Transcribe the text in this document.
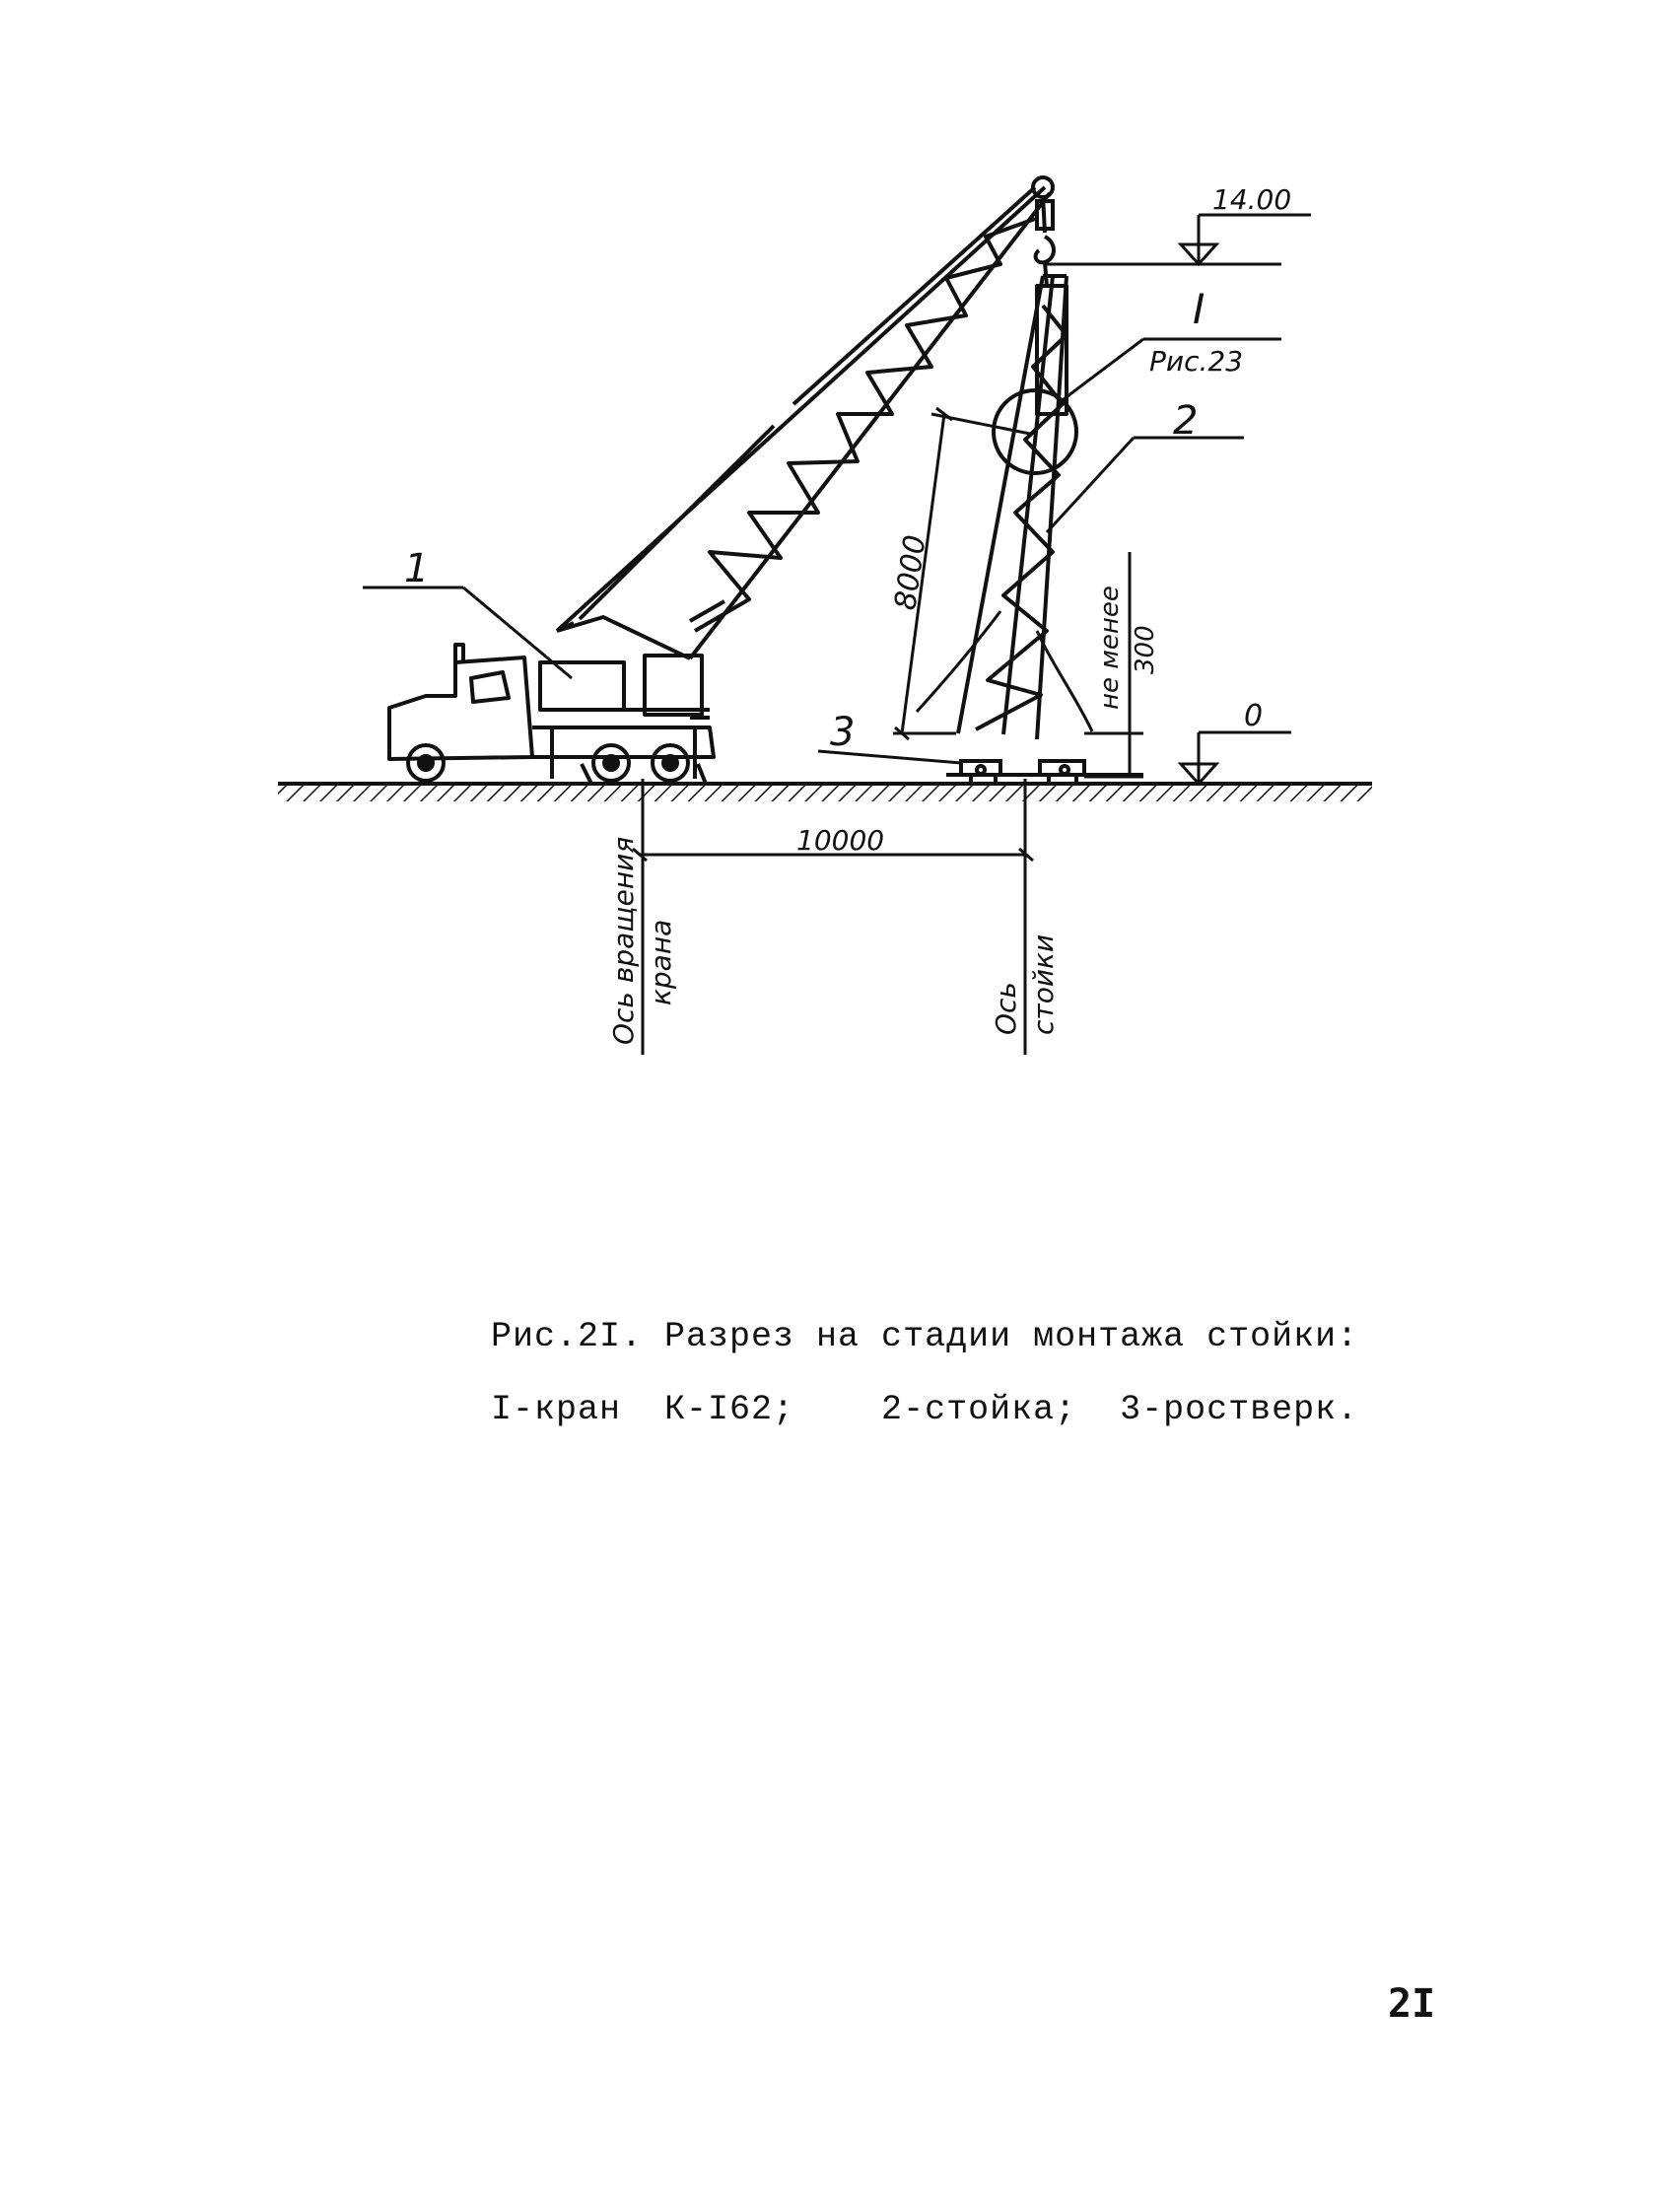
1
2
3
I
Рис.23
14.00
0
8000
не менее 300
10000
Ось вращения крана
Ось стойки
Рис.2I. Разрез на стадии монтажа стойки:
I-кран  К-I62;    2-стойка;  3-ростверк.
2I
